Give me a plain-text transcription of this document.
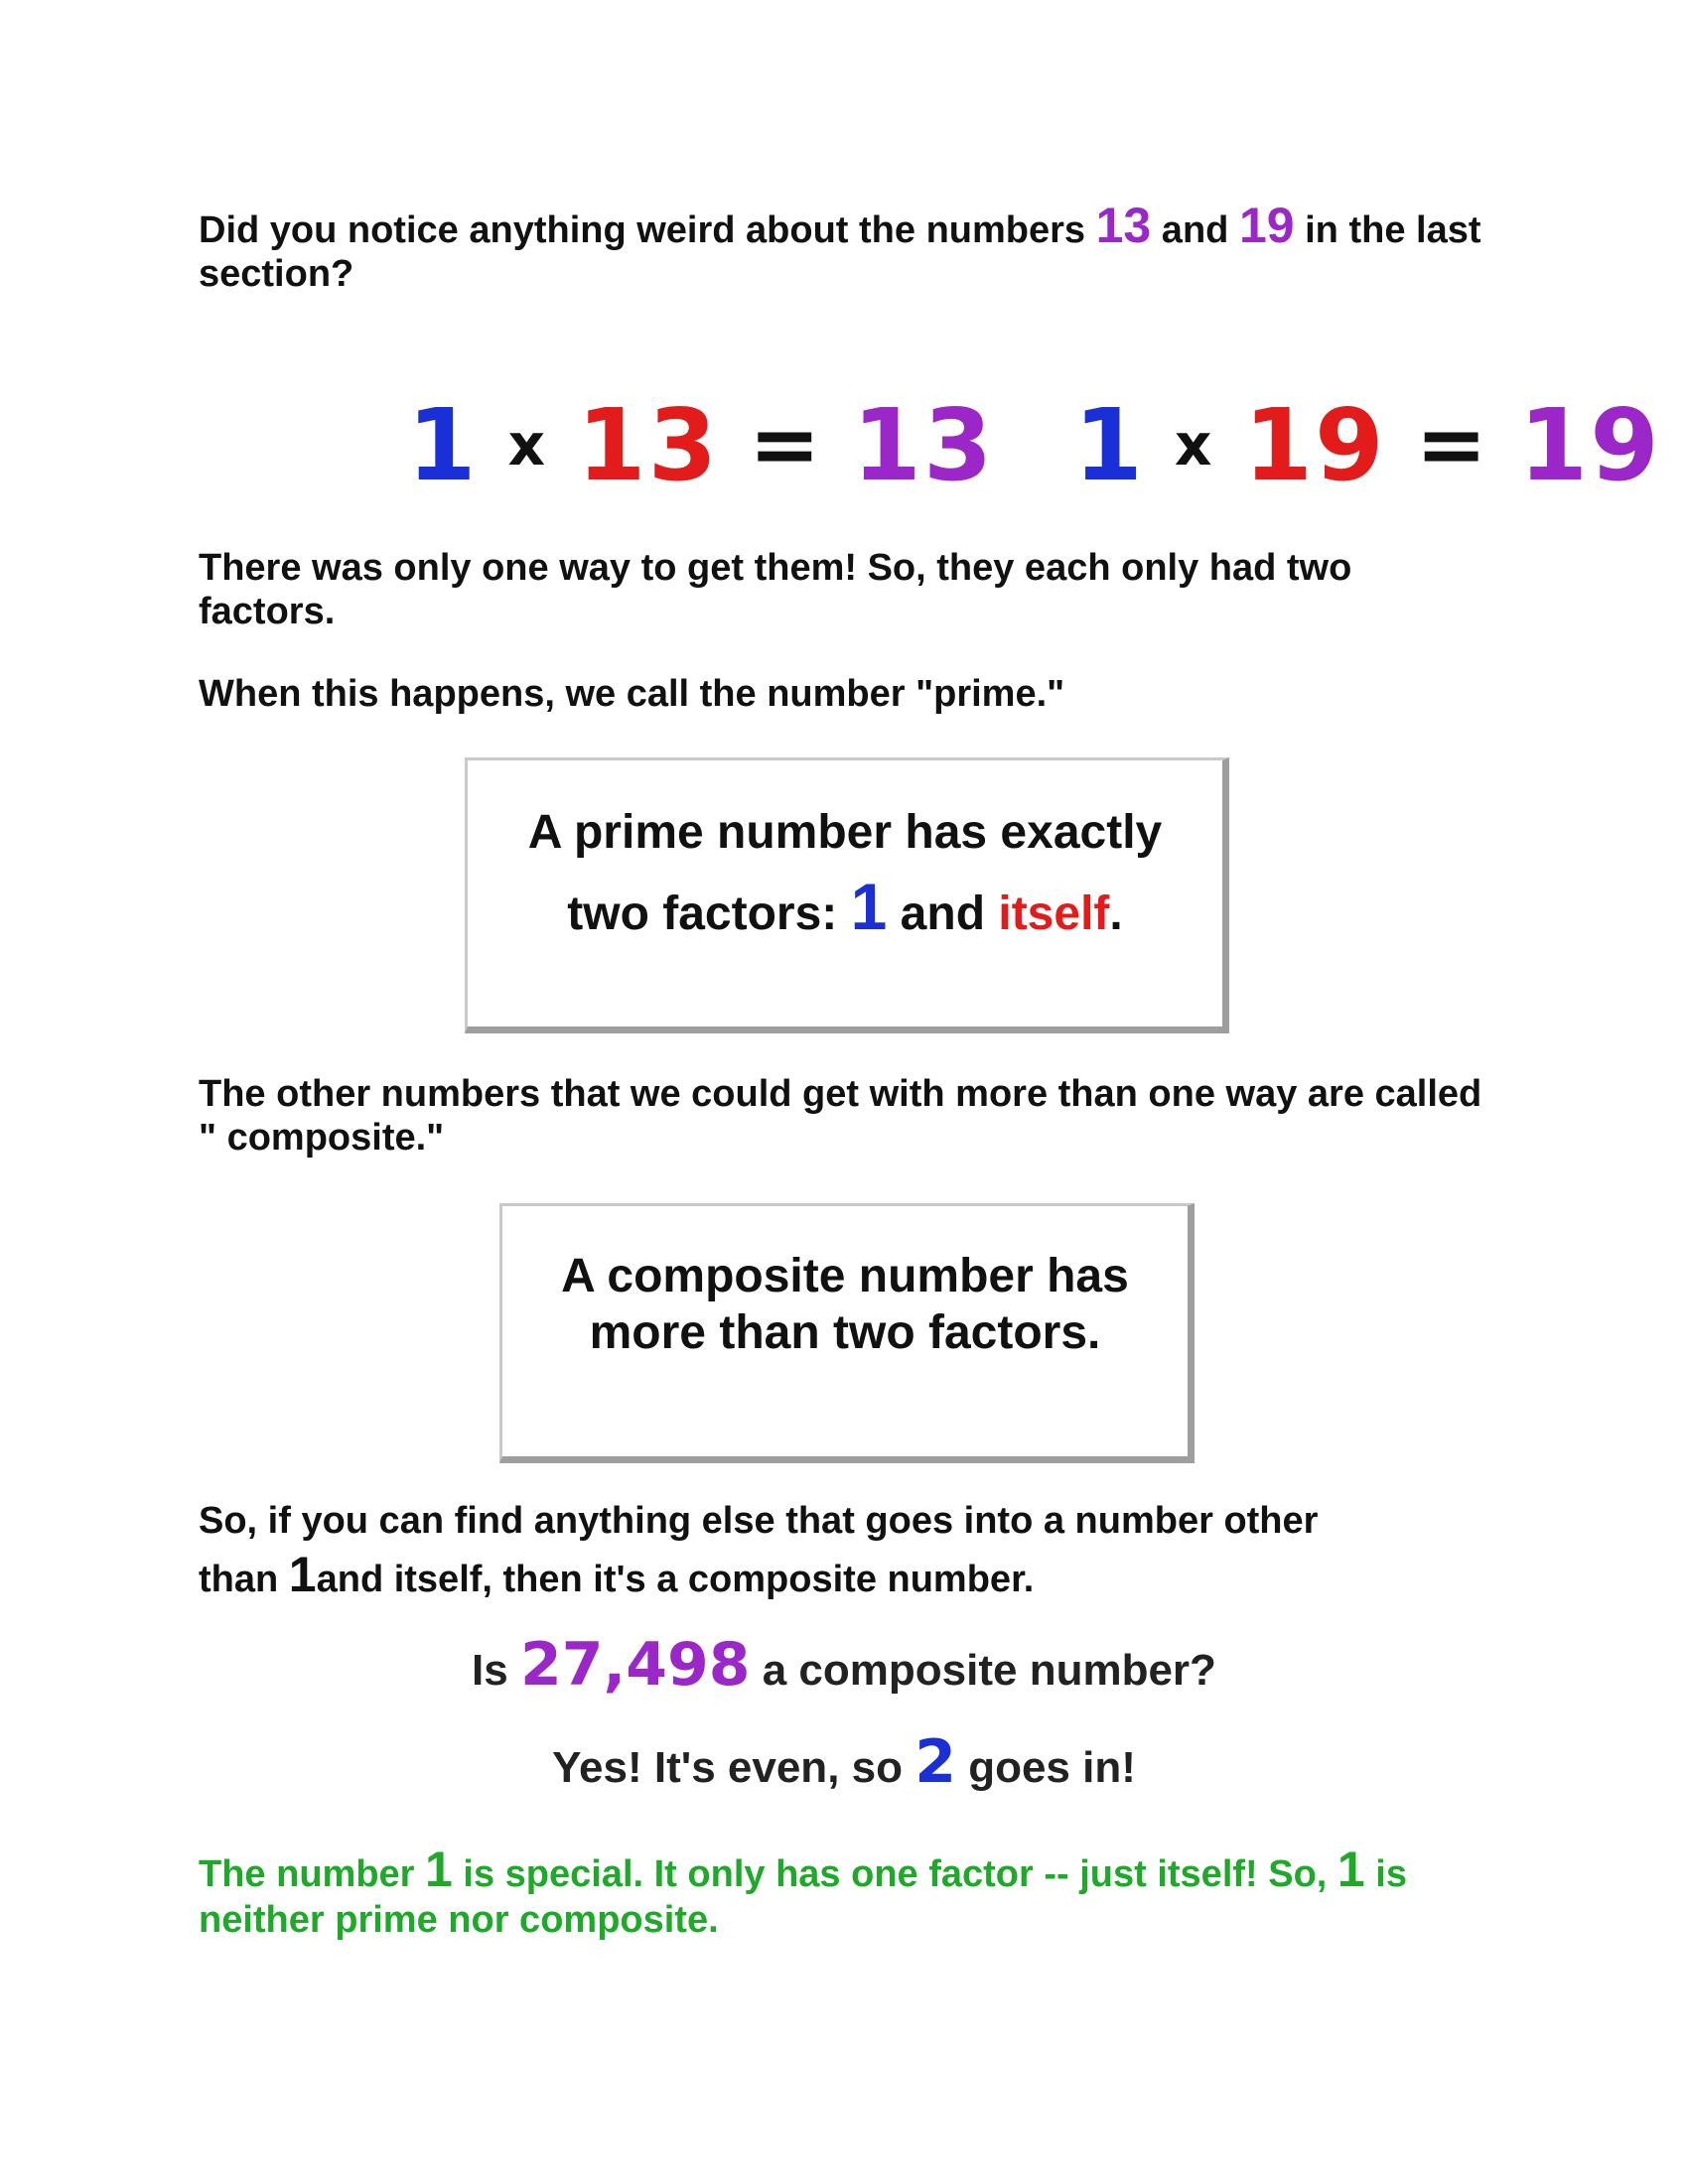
Did you notice anything weird about the numbers 13 and 19 in the last section?

1 x 13 = 13 1 x 19 = 19

There was only one way to get them! So, they each only had two factors.

When this happens, we call the number "prime."

A prime number has exactly
two factors: 1 and itself.

The other numbers that we could get with more than one way are called " composite."

A composite number has
more than two factors.
So, if you can find anything else that goes into a number other
than 1and itself, then it's a composite number.
Is 27,498 a composite number?
Yes! It's even, so 2 goes in!

The number 1 is special. It only has one factor -- just itself! So, 1 is neither prime nor composite.
